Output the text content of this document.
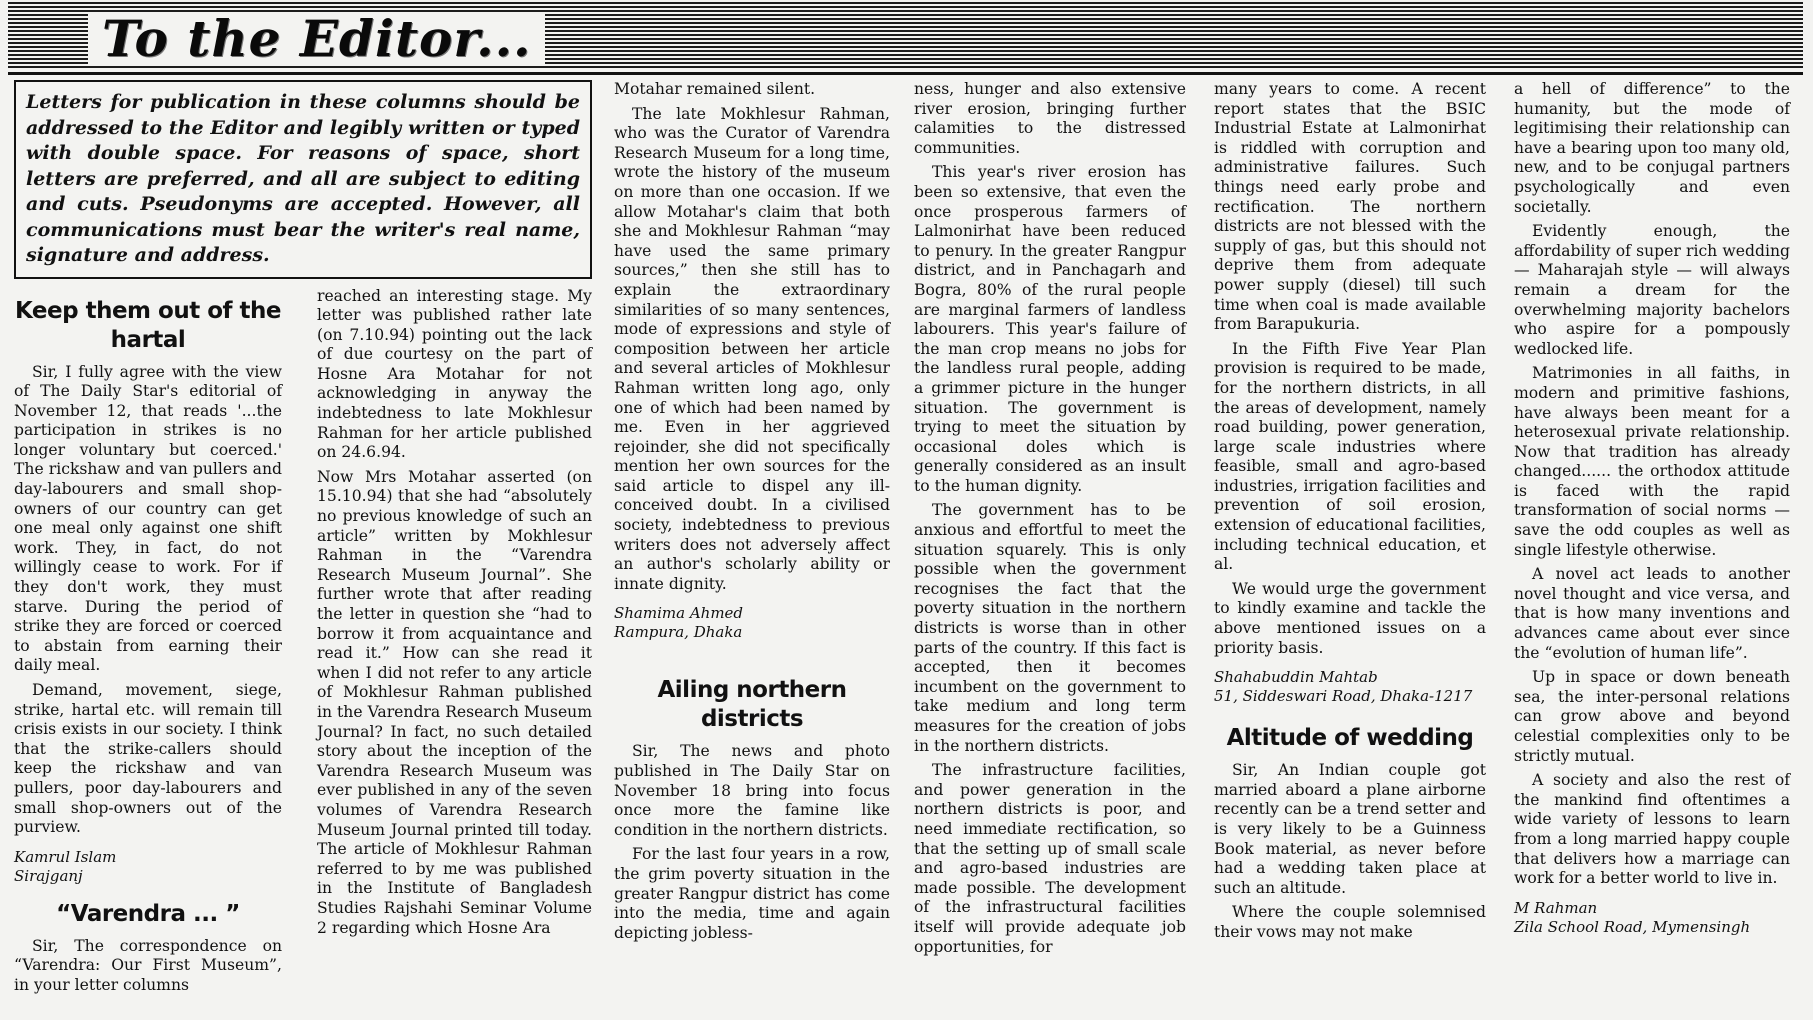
To the Editor...
Letters for publication in these columns should be addressed to the Editor and legibly written or typed with double space. For reasons of space, short letters are preferred, and all are subject to editing and cuts. Pseudonyms are accepted. However, all communications must bear the writer's real name, signature and address.
Keep them out of the hartal

Sir, I fully agree with the view of The Daily Star's editorial of November 12, that reads '...the participation in strikes is no longer voluntary but coerced.' The rickshaw and van pullers and day-labourers and small shop-owners of our country can get one meal only against one shift work. They, in fact, do not willingly cease to work. For if they don't work, they must starve. During the period of strike they are forced or coerced to abstain from earning their daily meal.

Demand, movement, siege, strike, hartal etc. will remain till crisis exists in our society. I think that the strike-callers should keep the rickshaw and van pullers, poor day-labourers and small shop-owners out of the purview.

Kamrul Islam
Sirajganj
“Varendra ... ”

Sir, The correspondence on “Varendra: Our First Museum”, in your letter columns

reached an interesting stage. My letter was published rather late (on 7.10.94) pointing out the lack of due courtesy on the part of Hosne Ara Motahar for not acknowledging in anyway the indebtedness to late Mokhlesur Rahman for her article published on 24.6.94.

Now Mrs Motahar asserted (on 15.10.94) that she had “absolutely no previous knowledge of such an article” written by Mokhlesur Rahman in the “Varendra Research Museum Journal”. She further wrote that after reading the letter in question she “had to borrow it from acquaintance and read it.” How can she read it when I did not refer to any article of Mokhlesur Rahman published in the Varendra Research Museum Journal? In fact, no such detailed story about the inception of the Varendra Research Museum was ever published in any of the seven volumes of Varendra Research Museum Journal printed till today. The article of Mokhlesur Rahman referred to by me was published in the Institute of Bangladesh Studies Rajshahi Seminar Volume 2 regarding which Hosne Ara

Motahar remained silent.

The late Mokhlesur Rahman, who was the Curator of Varendra Research Museum for a long time, wrote the history of the museum on more than one occasion. If we allow Motahar's claim that both she and Mokhlesur Rahman “may have used the same primary sources,” then she still has to explain the extraordinary similarities of so many sentences, mode of expressions and style of composition between her article and several articles of Mokhlesur Rahman written long ago, only one of which had been named by me. Even in her aggrieved rejoinder, she did not specifically mention her own sources for the said article to dispel any ill-conceived doubt. In a civilised society, indebtedness to previous writers does not adversely affect an author's scholarly ability or innate dignity.

Shamima Ahmed
Rampura, Dhaka
Ailing northern districts

Sir, The news and photo published in The Daily Star on November 18 bring into focus once more the famine like condition in the northern districts.

For the last four years in a row, the grim poverty situation in the greater Rangpur district has come into the media, time and again depicting jobless-

ness, hunger and also extensive river erosion, bringing further calamities to the distressed communities.

This year's river erosion has been so extensive, that even the once prosperous farmers of Lalmonirhat have been reduced to penury. In the greater Rangpur district, and in Panchagarh and Bogra, 80% of the rural people are marginal farmers of landless labourers. This year's failure of the man crop means no jobs for the landless rural people, adding a grimmer picture in the hunger situation. The government is trying to meet the situation by occasional doles which is generally considered as an insult to the human dignity.

The government has to be anxious and effortful to meet the situation squarely. This is only possible when the government recognises the fact that the poverty situation in the northern districts is worse than in other parts of the country. If this fact is accepted, then it becomes incumbent on the government to take medium and long term measures for the creation of jobs in the northern districts.

The infrastructure facilities, and power generation in the northern districts is poor, and need immediate rectification, so that the setting up of small scale and agro-based industries are made possible. The development of the infrastructural facilities itself will provide adequate job opportunities, for

many years to come. A recent report states that the BSIC Industrial Estate at Lalmonirhat is riddled with corruption and administrative failures. Such things need early probe and rectification. The northern districts are not blessed with the supply of gas, but this should not deprive them from adequate power supply (diesel) till such time when coal is made available from Barapukuria.

In the Fifth Five Year Plan provision is required to be made, for the northern districts, in all the areas of development, namely road building, power generation, large scale industries where feasible, small and agro-based industries, irrigation facilities and prevention of soil erosion, extension of educational facilities, including technical education, et al.

We would urge the government to kindly examine and tackle the above mentioned issues on a priority basis.

Shahabuddin Mahtab
51, Siddeswari Road, Dhaka-1217
Altitude of wedding

Sir, An Indian couple got married aboard a plane airborne recently can be a trend setter and is very likely to be a Guinness Book material, as never before had a wedding taken place at such an altitude.

Where the couple solemnised their vows may not make

a hell of difference” to the humanity, but the mode of legitimising their relationship can have a bearing upon too many old, new, and to be conjugal partners psychologically and even societally.

Evidently enough, the affordability of super rich wedding — Maharajah style — will always remain a dream for the overwhelming majority bachelors who aspire for a pompously wedlocked life.

Matrimonies in all faiths, in modern and primitive fashions, have always been meant for a heterosexual private relationship. Now that tradition has already changed...... the orthodox attitude is faced with the rapid transformation of social norms — save the odd couples as well as single lifestyle otherwise.

A novel act leads to another novel thought and vice versa, and that is how many inventions and advances came about ever since the “evolution of human life”.

Up in space or down beneath sea, the inter-personal relations can grow above and beyond celestial complexities only to be strictly mutual.

A society and also the rest of the mankind find oftentimes a wide variety of lessons to learn from a long married happy couple that delivers how a marriage can work for a better world to live in.

M Rahman
Zila School Road, Mymensingh
